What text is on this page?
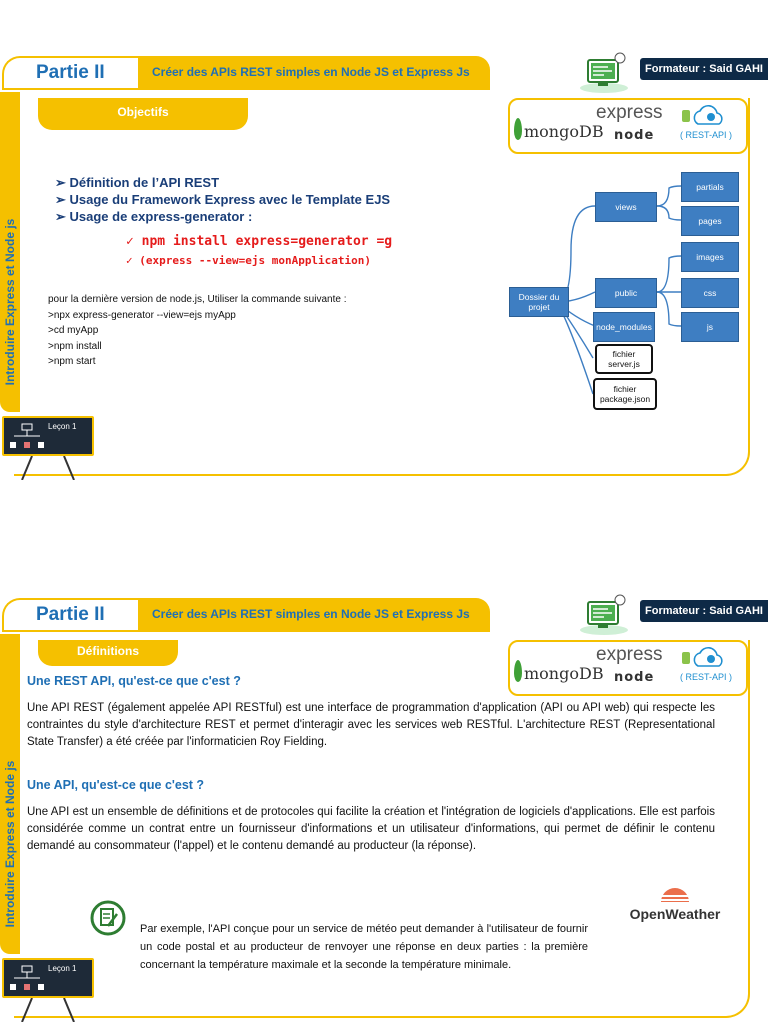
Partie II	Créer des APIs REST simples en Node JS et Express Js	Formateur : Said GAHI
Introduire Express et Node js
Objectifs
mongoDB
express
node	( REST-API )
➢ Définition de l’API REST
➢ Usage du Framework Express avec le Template EJS
➢ Usage de express-generator :
✓ npm install express=generator =g
✓ (express --view=ejs monApplication)
pour la dernière version de node.js, Utiliser la commande suivante :
>npx express-generator --view=ejs myApp
>cd myApp
>npm install
>npm start
Dossier du projet
views
partials
pages
public
images
css
js
node_modules
fichier server.js
fichier package.json
Leçon 1
Partie II	Créer des APIs REST simples en Node JS et Express Js	Formateur : Said GAHI
Introduire Express et Node js
Définitions
mongoDB
express
node	( REST-API )
Une REST API, qu'est-ce que c'est ?
Une API REST (également appelée API RESTful) est une interface de programmation d'application (API ou API web) qui respecte les contraintes du style d'architecture REST et permet d'interagir avec les services web RESTful. L'architecture REST (Representational State Transfer) a été créée par l'informaticien Roy Fielding.
Une API, qu'est-ce que c'est ?
Une API est un ensemble de définitions et de protocoles qui facilite la création et l'intégration de logiciels d'applications. Elle est parfois considérée comme un contrat entre un fournisseur d'informations et un utilisateur d'informations, qui permet de définir le contenu demandé au consommateur (l'appel) et le contenu demandé au producteur (la réponse).
Par exemple, l'API conçue pour un service de météo peut demander à l'utilisateur de fournir un code postal et au producteur de renvoyer une réponse en deux parties : la première concernant la température maximale et la seconde la température minimale.
OpenWeather
Leçon 1
